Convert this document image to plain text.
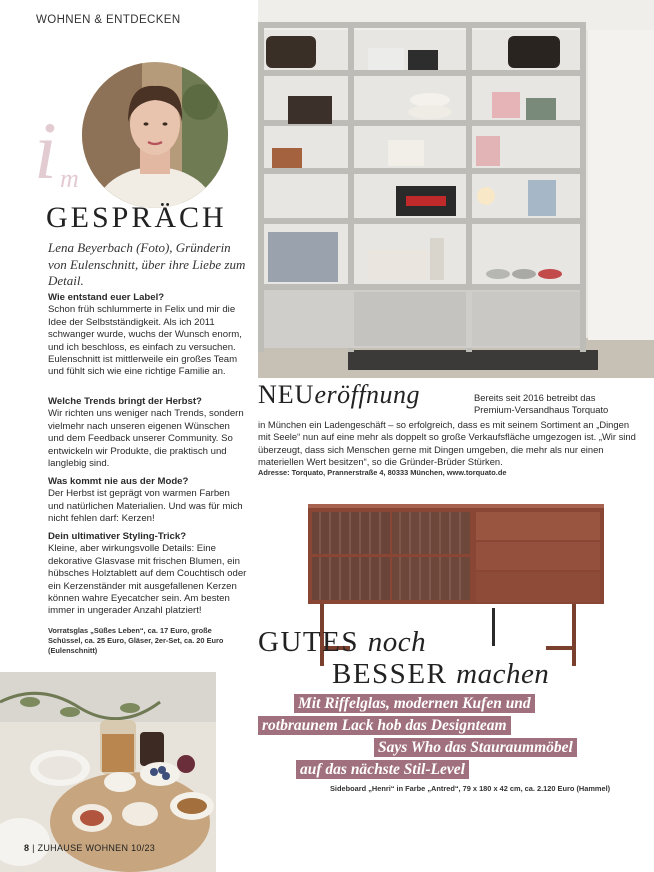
WOHNEN & ENTDECKEN
i m
GESPRÄCH
Lena Beyerbach (Foto), Gründerin von Eulenschnitt, über ihre Liebe zum Detail.
Wie entstand euer Label?
Schon früh schlummerte in Felix und mir die Idee der Selbstständigkeit. Als ich 2011 schwanger wurde, wuchs der Wunsch enorm, und ich beschloss, es einfach zu versuchen. Eulenschnitt ist mittlerweile ein großes Team und fühlt sich wie eine richtige Familie an.
Welche Trends bringt der Herbst?
Wir richten uns weniger nach Trends, sondern vielmehr nach unseren eigenen Wünschen und dem Feedback unserer Community. So entwickeln wir Produkte, die praktisch und langlebig sind.
Was kommt nie aus der Mode?
Der Herbst ist geprägt von warmen Farben und natürlichen Materialien. Und was für mich nicht fehlen darf: Kerzen!
Dein ultimativer Styling-Trick?
Kleine, aber wirkungsvolle Details: Eine dekorative Glasvase mit frischen Blumen, ein hübsches Holztablett auf dem Couchtisch oder ein Kerzenständer mit ausgefallenen Kerzen können wahre Eyecatcher sein. Am besten immer in ungerader Anzahl platziert!
Vorratsglas „Süßes Leben“, ca. 17 Euro, große Schüssel, ca. 25 Euro, Gläser, 2er-Set, ca. 20 Euro (Eulenschnitt)
NEUeröffnung	Bereits seit 2016 betreibt das Premium-Versandhaus Torquato
in München ein Ladengeschäft – so erfolgreich, dass es mit seinem Sortiment an „Dingen mit Seele“ nun auf eine mehr als doppelt so große Verkaufsfläche umgezogen ist. „Wir sind überzeugt, dass sich Menschen gerne mit Dingen umgeben, die mehr als nur einen materiellen Wert besitzen“, so die Gründer-Brüder Stürken.
Adresse: Torquato, Prannerstraße 4, 80333 München, www.torquato.de
GUTES noch
BESSER machen
Mit Riffelglas, modernen Kufen und
rotbraunem Lack hob das Designteam
Says Who das Stauraummöbel
auf das nächste Stil-Level
Sideboard „Henri“ in Farbe „Antred“, 79 x 180 x 42 cm, ca. 2.120 Euro (Hammel)
8 | ZUHAUSE WOHNEN 10/23
